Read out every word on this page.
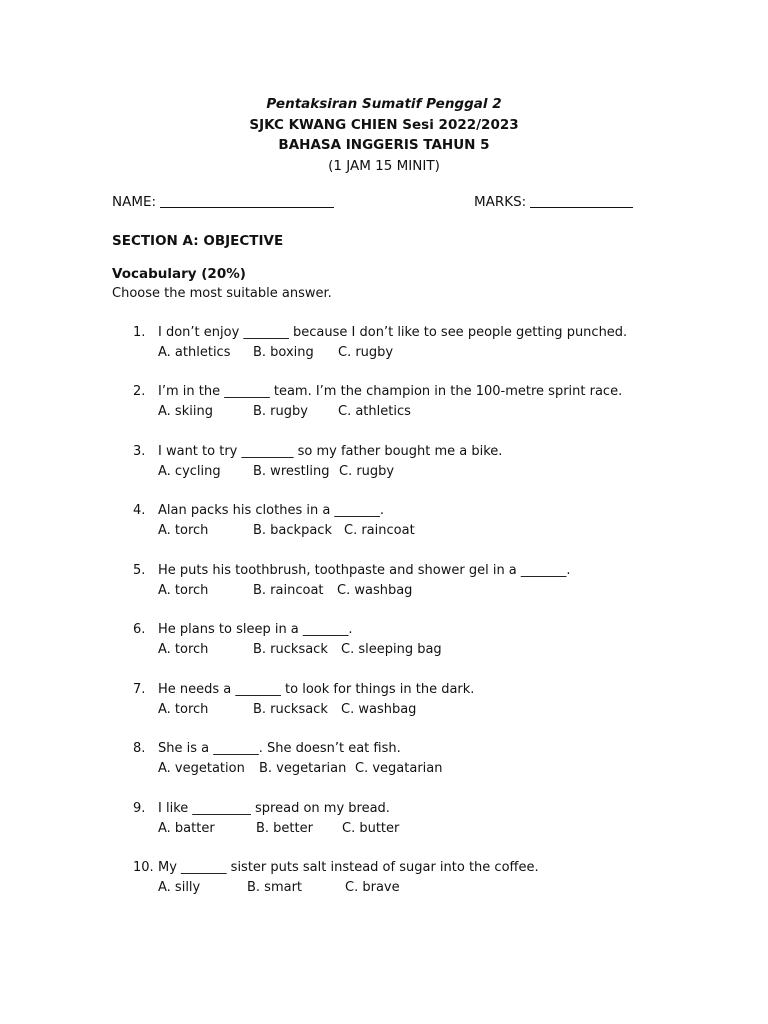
Pentaksiran Sumatif Penggal 2
SJKC KWANG CHIEN Sesi 2022/2023
BAHASA INGGERIS TAHUN 5
(1 JAM 15 MINIT)
NAME:	MARKS:
SECTION A: OBJECTIVE
Vocabulary (20%)
Choose the most suitable answer.
1. I don’t enjoy _______ because I don’t like to see people getting punched.
A. athletics B. boxing C. rugby
2. I’m in the _______ team. I’m the champion in the 100-metre sprint race.
A. skiing	B. rugby C. athletics
3. I want to try ________ so my father bought me a bike.
A. cycling B. wrestling C. rugby
4. Alan packs his clothes in a _______.
A. torch	B. backpack C. raincoat
5. He puts his toothbrush, toothpaste and shower gel in a _______.
A. torch	B. raincoat C. washbag
6. He plans to sleep in a _______.
A. torch	B. rucksack C. sleeping bag
7. He needs a _______ to look for things in the dark.
A. torch	B. rucksack C. washbag
8. She is a _______. She doesn’t eat fish.
A. vegetation B. vegetarian C. vegatarian
9. I like _________ spread on my bread.
A. batter	B. better C. butter
10. My _______ sister puts salt instead of sugar into the coffee.
A. silly	B. smart	C. brave
